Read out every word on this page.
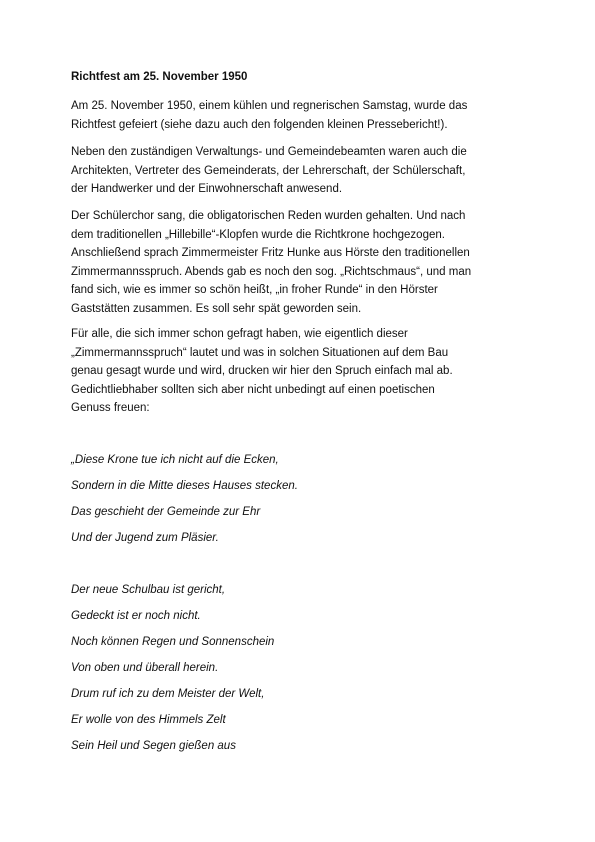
Richtfest am 25. November 1950
Am 25. November 1950, einem kühlen und regnerischen Samstag, wurde das
Richtfest gefeiert (siehe dazu auch den folgenden kleinen Pressebericht!).
Neben den zuständigen Verwaltungs- und Gemeindebeamten waren auch die
Architekten, Vertreter des Gemeinderats, der Lehrerschaft, der Schülerschaft,
der Handwerker und der Einwohnerschaft anwesend.
Der Schülerchor sang, die obligatorischen Reden wurden gehalten. Und nach
dem traditionellen „Hillebille“-Klopfen wurde die Richtkrone hochgezogen.
Anschließend sprach Zimmermeister Fritz Hunke aus Hörste den traditionellen
Zimmermannsspruch. Abends gab es noch den sog. „Richtschmaus“, und man
fand sich, wie es immer so schön heißt, „in froher Runde“ in den Hörster
Gaststätten zusammen. Es soll sehr spät geworden sein.
Für alle, die sich immer schon gefragt haben, wie eigentlich dieser
„Zimmermannsspruch“ lautet und was in solchen Situationen auf dem Bau
genau gesagt wurde und wird, drucken wir hier den Spruch einfach mal ab.
Gedichtliebhaber sollten sich aber nicht unbedingt auf einen poetischen
Genuss freuen:
„Diese Krone tue ich nicht auf die Ecken,
Sondern in die Mitte dieses Hauses stecken.
Das geschieht der Gemeinde zur Ehr
Und der Jugend zum Pläsier.
Der neue Schulbau ist gericht,
Gedeckt ist er noch nicht.
Noch können Regen und Sonnenschein
Von oben und überall herein.
Drum ruf ich zu dem Meister der Welt,
Er wolle von des Himmels Zelt
Sein Heil und Segen gießen aus
